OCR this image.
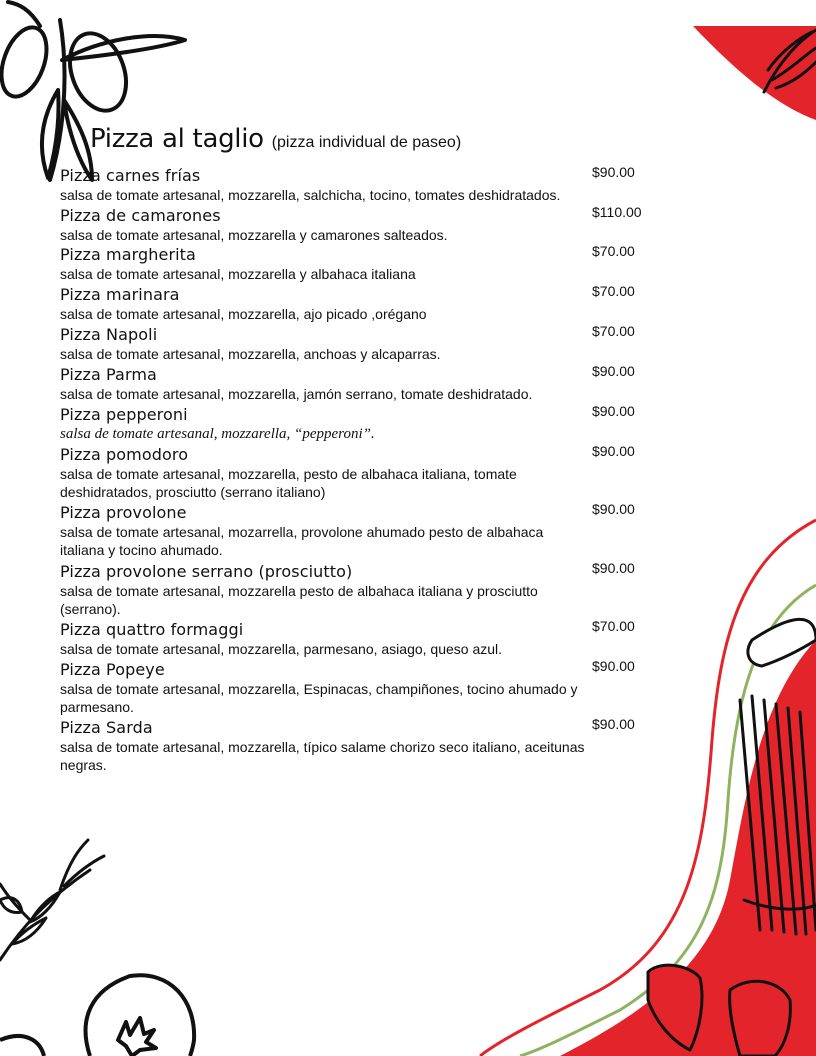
Pizza al taglio (pizza individual de paseo)
Pizza carnes frías
salsa de tomate artesanal, mozzarella, salchicha, tocino, tomates deshidratados.
$90.00
Pizza de camarones
salsa de tomate artesanal, mozzarella y camarones salteados.
$110.00
Pizza margherita
salsa de tomate artesanal, mozzarella y albahaca italiana
$70.00
Pizza marinara
salsa de tomate artesanal, mozzarella, ajo picado ,orégano
$70.00
Pizza Napoli
salsa de tomate artesanal, mozzarella, anchoas y alcaparras.
$70.00
Pizza Parma
salsa de tomate artesanal, mozzarella, jamón serrano, tomate deshidratado.
$90.00
Pizza pepperoni
salsa de tomate artesanal, mozzarella, “pepperoni”.
$90.00
Pizza pomodoro
salsa de tomate artesanal, mozzarella, pesto de albahaca italiana, tomate deshidratados, prosciutto (serrano italiano)
$90.00
Pizza provolone
salsa de tomate artesanal, mozarrella, provolone ahumado pesto de albahaca italiana y tocino ahumado.
$90.00
Pizza provolone serrano (prosciutto)
salsa de tomate artesanal, mozzarella pesto de albahaca italiana y prosciutto (serrano).
$90.00
Pizza quattro formaggi
salsa de tomate artesanal, mozzarella, parmesano, asiago, queso azul.
$70.00
Pizza Popeye
salsa de tomate artesanal, mozzarella, Espinacas, champiñones, tocino ahumado y parmesano.
$90.00
Pizza Sarda
salsa de tomate artesanal, mozzarella, típico salame chorizo seco italiano, aceitunas negras.
$90.00
